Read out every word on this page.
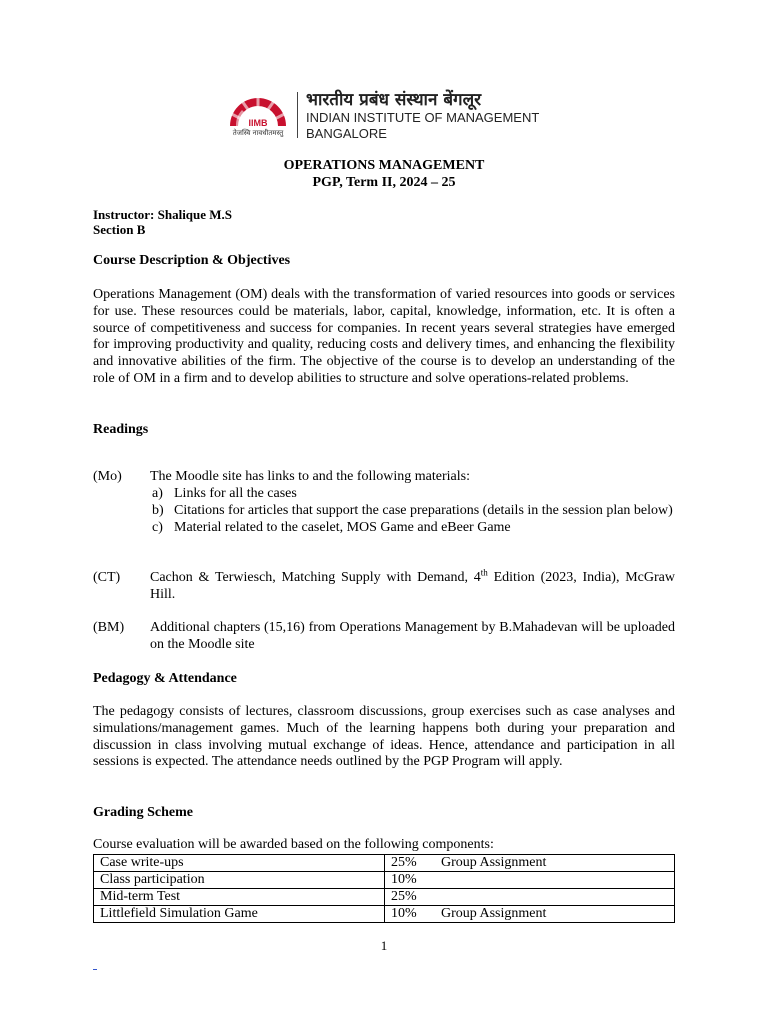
IIMB
तेजस्वि नावधीतमस्तु
भारतीय प्रबंध संस्थान बेंगलूर
INDIAN INSTITUTE OF MANAGEMENT
BANGALORE
OPERATIONS MANAGEMENT
PGP, Term II, 2024 – 25
Instructor: Shalique M.S
Section B
Course Description & Objectives
Operations Management (OM) deals with the transformation of varied resources into goods or services for use. These resources could be materials, labor, capital, knowledge, information, etc. It is often a source of competitiveness and success for companies. In recent years several strategies have emerged for improving productivity and quality, reducing costs and delivery times, and enhancing the flexibility and innovative abilities of the firm. The objective of the course is to develop an understanding of the role of OM in a firm and to develop abilities to structure and solve operations-related problems.
Readings
(Mo) The Moodle site has links to and the following materials:
a) Links for all the cases
b) Citations for articles that support the case preparations (details in the session plan below)
c) Material related to the caselet, MOS Game and eBeer Game
(CT) Cachon & Terwiesch, Matching Supply with Demand, 4th Edition (2023, India), McGraw Hill.
(BM) Additional chapters (15,16) from Operations Management by B.Mahadevan will be uploaded on the Moodle site
Pedagogy & Attendance
The pedagogy consists of lectures, classroom discussions, group exercises such as case analyses and simulations/management games. Much of the learning happens both during your preparation and discussion in class involving mutual exchange of ideas. Hence, attendance and participation in all sessions is expected. The attendance needs outlined by the PGP Program will apply.
Grading Scheme
Course evaluation will be awarded based on the following components:
Case write-ups	25% Group Assignment
Class participation	10%
Mid-term Test	25%
Littlefield Simulation Game	10% Group Assignment
1
